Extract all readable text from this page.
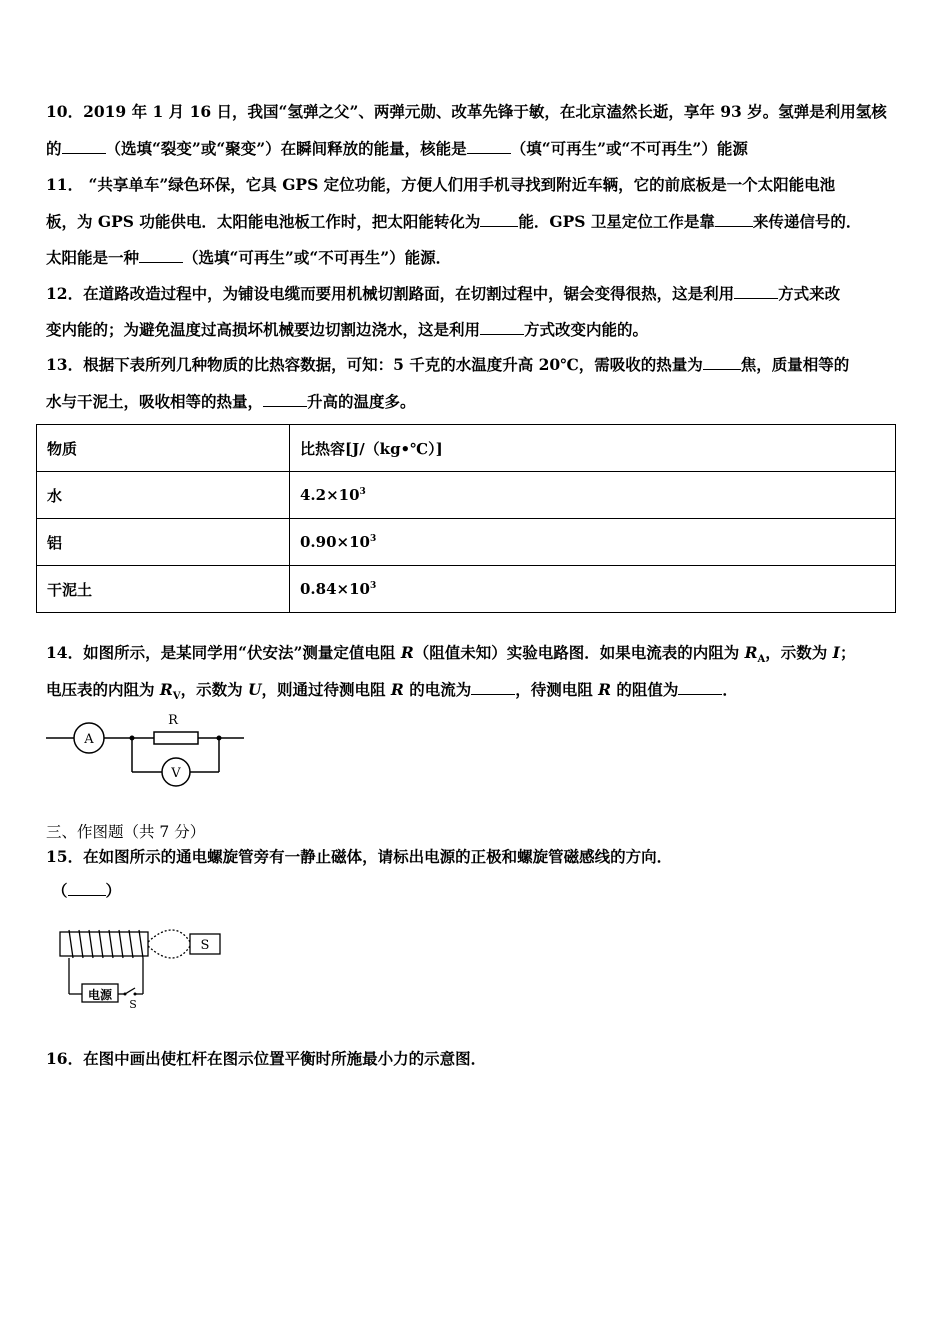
10．2019 年 1 月 16 日，我国“氢弹之父”、两弹元勋、改革先锋于敏，在北京溘然长逝，享年 93 岁。氢弹是利用氢核
的	（选填“裂变”或“聚变”）在瞬间释放的能量，核能是	（填“可再生”或“不可再生”）能源
11． “共享单车”绿色环保，它具 GPS 定位功能，方便人们用手机寻找到附近车辆，它的前底板是一个太阳能电池
板，为 GPS 功能供电．太阳能电池板工作时，把太阳能转化为 能．GPS 卫星定位工作是靠 来传递信号的．
太阳能是一种	（选填“可再生”或“不可再生”）能源．
12．在道路改造过程中，为铺设电缆而要用机械切割路面，在切割过程中，锯会变得很热，这是利用	方式来改
变内能的；为避免温度过高损坏机械要边切割边浇水，这是利用	方式改变内能的。
13．根据下表所列几种物质的比热容数据，可知：5 千克的水温度升高 20℃，需吸收的热量为 焦，质量相等的
水与干泥土，吸收相等的热量，	升高的温度多。
物质	比热容[J/（kg•℃）]
水	$4.2\times 10^3$
铝	$0.90\times 10^3$
干泥土	$0.84\times 10^3$
14．如图所示，是某同学用“伏安法”测量定值电阻 R（阻值未知）实验电路图．如果电流表的内阻为 $R_A$，示数为 I；
电压表的内阻为 $R_V$，示数为 U，则通过待测电阻 R 的电流为	，待测电阻 R 的阻值为	．
A
V
R
三、作图题（共 7 分）
15．在如图所示的通电螺旋管旁有一静止磁体，请标出电源的正极和螺旋管磁感线的方向．
（ ）
S
电源
S
16．在图中画出使杠杆在图示位置平衡时所施最小力的示意图．
